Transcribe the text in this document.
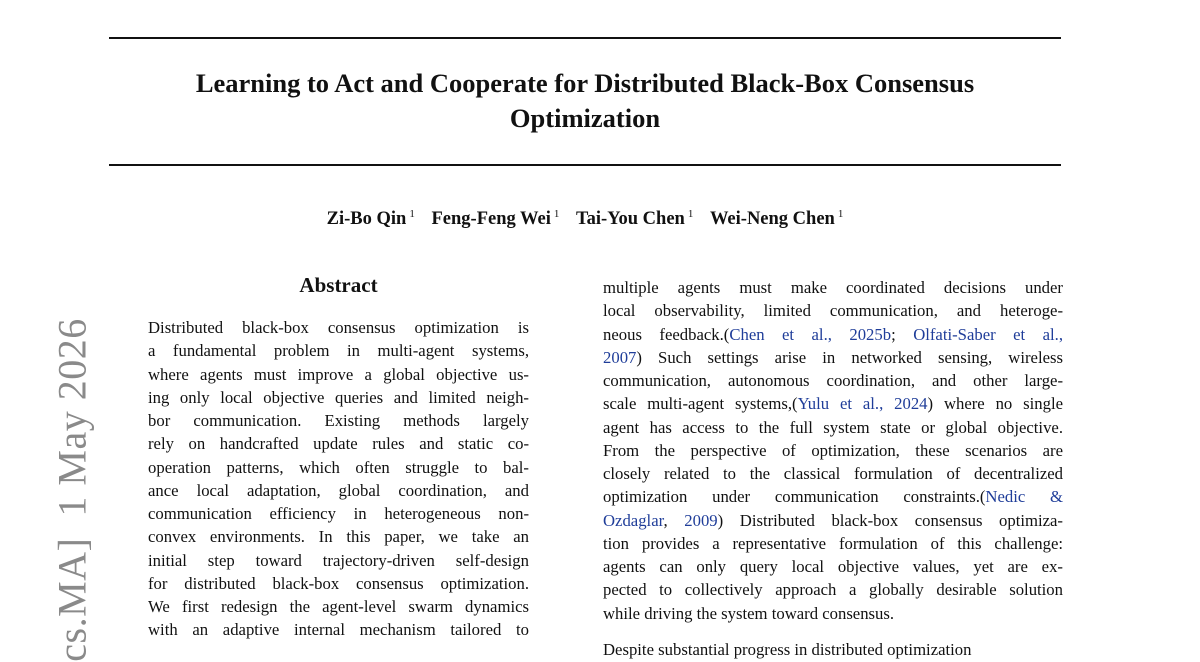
Learning to Act and Cooperate for Distributed Black-Box Consensus
Optimization
Zi-Bo Qin $^1$ Feng-Feng Wei $^1$ Tai-You Chen $^1$ Wei-Neng Chen $^1$
cs.MA]  1 May 2026
Abstract
Distributed black-box consensus optimization is
a fundamental problem in multi-agent systems,
where agents must improve a global objective us-
ing only local objective queries and limited neigh-
bor communication. Existing methods largely
rely on handcrafted update rules and static co-
operation patterns, which often struggle to bal-
ance local adaptation, global coordination, and
communication efficiency in heterogeneous non-
convex environments. In this paper, we take an
initial step toward trajectory-driven self-design
for distributed black-box consensus optimization.
We first redesign the agent-level swarm dynamics
with an adaptive internal mechanism tailored to
multiple agents must make coordinated decisions under
local observability, limited communication, and heteroge-
neous feedback.(Chen et al., 2025b; Olfati-Saber et al.,
2007) Such settings arise in networked sensing, wireless
communication, autonomous coordination, and other large-
scale multi-agent systems,(Yulu et al., 2024) where no single
agent has access to the full system state or global objective.
From the perspective of optimization, these scenarios are
closely related to the classical formulation of decentralized
optimization under communication constraints.(Nedic &
Ozdaglar, 2009) Distributed black-box consensus optimiza-
tion provides a representative formulation of this challenge:
agents can only query local objective values, yet are ex-
pected to collectively approach a globally desirable solution
while driving the system toward consensus.
Despite substantial progress in distributed optimization
